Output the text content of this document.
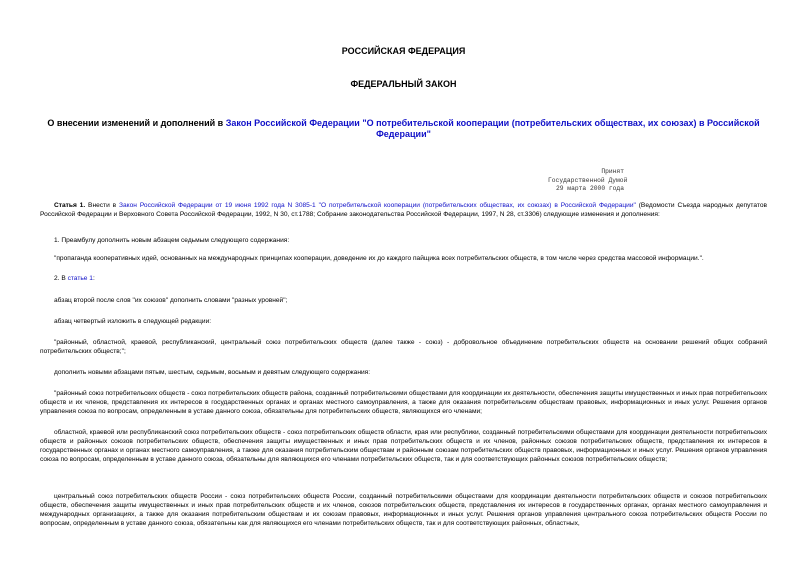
РОССИЙСКАЯ ФЕДЕРАЦИЯ
ФЕДЕРАЛЬНЫЙ ЗАКОН
О внесении изменений и дополнений в Закон Российской Федерации "О потребительской кооперации (потребительских обществах, их союзах) в Российской Федерации"
Принят
Государственной Думой
29 марта 2000 года
Статья 1. Внести в Закон Российской Федерации от 19 июня 1992 года N 3085-1 "О потребительской кооперации (потребительских обществах, их союзах) в Российской Федерации" (Ведомости Съезда народных депутатов Российской Федерации и Верховного Совета Российской Федерации, 1992, N 30, ст.1788; Собрание законодательства Российской Федерации, 1997, N 28, ст.3306) следующие изменения и дополнения:
1. Преамбулу дополнить новым абзацем седьмым следующего содержания:
"пропаганда кооперативных идей, основанных на международных принципах кооперации, доведение их до каждого пайщика всех потребительских обществ, в том числе через средства массовой информации.".
2. В статье 1:
абзац второй после слов "их союзов" дополнить словами "разных уровней";
абзац четвертый изложить в следующей редакции:
"районный, областной, краевой, республиканский, центральный союз потребительских обществ (далее также - союз) - добровольное объединение потребительских обществ на основании решений общих собраний потребительских обществ;";
дополнить новыми абзацами пятым, шестым, седьмым, восьмым и девятым следующего содержания:
"районный союз потребительских обществ - союз потребительских обществ района, созданный потребительскими обществами для координации их деятельности, обеспечения защиты имущественных и иных прав потребительских обществ и их членов, представления их интересов в государственных органах и органах местного самоуправления, а также для оказания потребительским обществам правовых, информационных и иных услуг. Решения органов управления союза по вопросам, определенным в уставе данного союза, обязательны для потребительских обществ, являющихся его членами;
областной, краевой или республиканский союз потребительских обществ - союз потребительских обществ области, края или республики, созданный потребительскими обществами для координации деятельности потребительских обществ и районных союзов потребительских обществ, обеспечения защиты имущественных и иных прав потребительских обществ и их членов, районных союзов потребительских обществ, представления их интересов в государственных органах и органах местного самоуправления, а также для оказания потребительским обществам и районным союзам потребительских обществ правовых, информационных и иных услуг. Решения органов управления союза по вопросам, определенным в уставе данного союза, обязательны для являющихся его членами потребительских обществ, так и для соответствующих районных союзов потребительских обществ;
центральный союз потребительских обществ России - союз потребительских обществ России, созданный потребительскими обществами для координации деятельности потребительских обществ и союзов потребительских обществ, обеспечения защиты имущественных и иных прав потребительских обществ и их членов, союзов потребительских обществ, представления их интересов в государственных органах, органах местного самоуправления и международных организациях, а также для оказания потребительским обществам и их союзам правовых, информационных и иных услуг. Решения органов управления центрального союза потребительских обществ России по вопросам, определенным в уставе данного союза, обязательны как для являющихся его членами потребительских обществ, так и для соответствующих районных, областных,
